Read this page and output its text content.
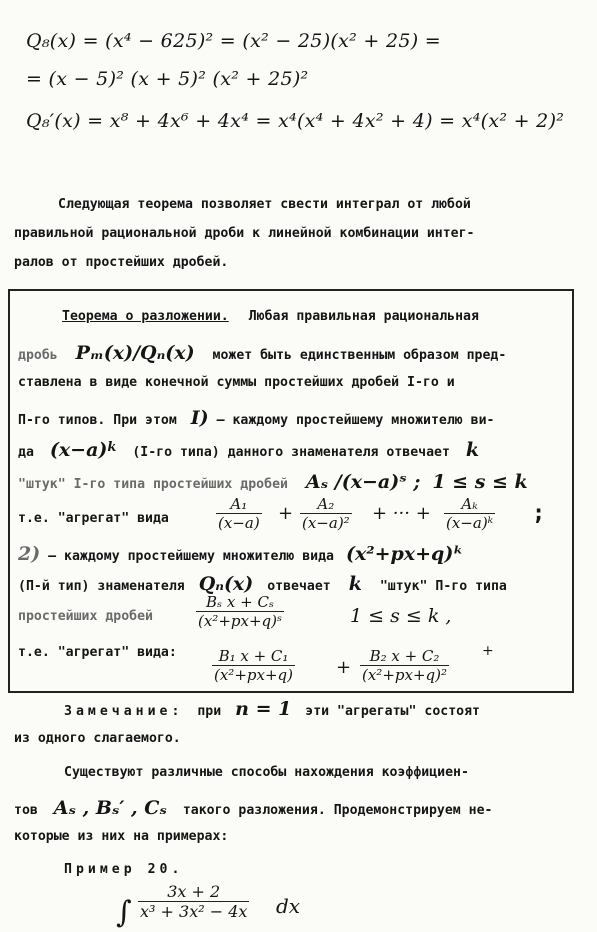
Q₈(x) = (x⁴ − 625)² = (x² − 25)(x² + 25) =
= (x − 5)² (x + 5)² (x² + 25)²
Q₈′(x) = x⁸ + 4x⁶ + 4x⁴ = x⁴(x⁴ + 4x² + 4) = x⁴(x² + 2)²
Следующая теорема позволяет свести интеграл от любой
правильной рациональной дроби к линейной комбинации интег-
ралов от простейших дробей.
Теорема о разложении. Любая правильная рациональная
дробь Pₘ(x)/Qₙ(x) может быть единственным образом пред-
ставлена в виде конечной суммы простейших дробей I-го и
П-го типов. При этом I) – каждому простейшему множителю ви-
да $(x-a)^k$ (I-го типа) данного знаменателя отвечает k
"штук" I-го типа простейших дробей Aₛ /(x−a)ˢ ; 1 ≤ s ≤ k
т.е. "агрегат" вида	$\frac{\text{A₁}}{(x-a)} + \frac{\text{A₂}}{\text{(x−a)²}}$ + ··· + $\frac{\text{Aₖ}}{\text{(x−a)ᵏ}}$ ;
2) – каждому простейшему множителю вида (x²+px+q)ᵏ
(П-й тип) знаменателя Qₙ(x) отвечает k "штук" П-го типа
простейших дробей	$\frac{\text{Bₛ x + Cₛ}}{\text{(x²+px+q)ˢ}}$	1 ≤ s ≤ k ,
т.е. "агрегат" вида: $\frac{\text{B₁ x + C₁}}{\text{(x²+px+q)}} + \frac{\text{B₂ x + C₂}}{\text{(x²+px+q)²}}$ +
Замечание: при n = 1 эти "агрегаты" состоят
из одного слагаемого.
Существуют различные способы нахождения коэффициен-
тов Aₛ , Bₛ′ , Cₛ такого разложения. Продемонстрируем не-
которые из них на примерах:
Пример 20.
∫ $\frac{3x + 2}{\text{x³ + 3x² − 4x}}$ dx
